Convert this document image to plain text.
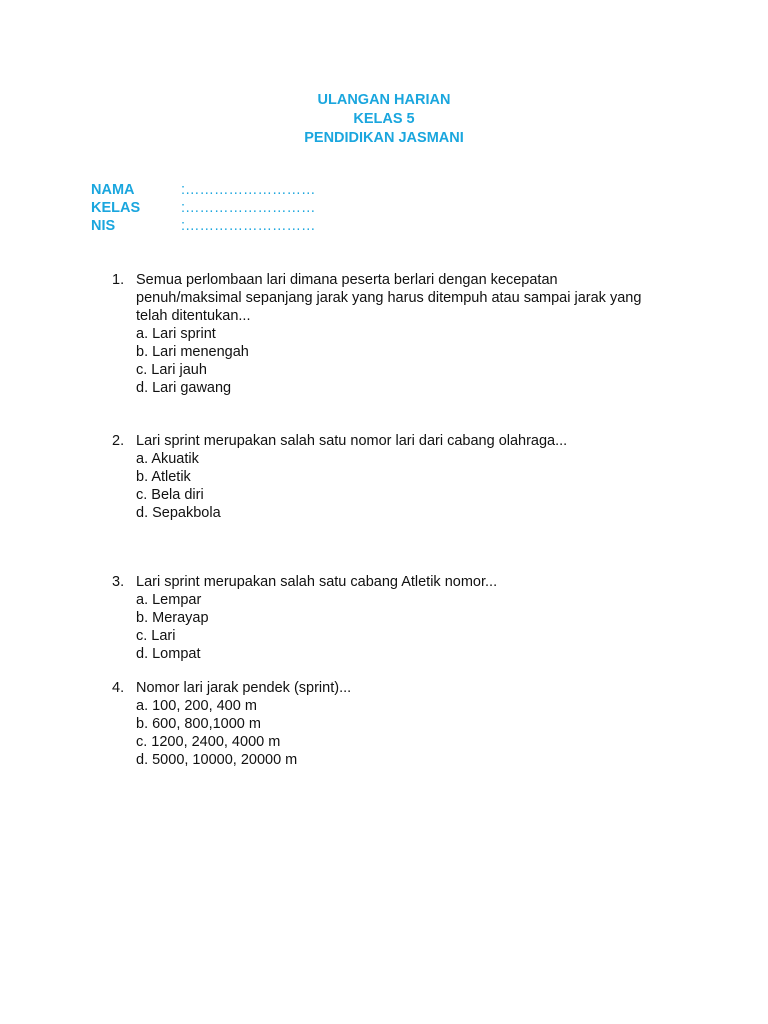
ULANGAN HARIAN
KELAS 5
PENDIDIKAN JASMANI
NAMA	:………………………
KELAS	:………………………
NIS	:………………………
1. Semua perlombaan lari dimana peserta berlari dengan kecepatan
penuh/maksimal sepanjang jarak yang harus ditempuh atau sampai jarak yang
telah ditentukan...
a. Lari sprint
b. Lari menengah
c. Lari jauh
d. Lari gawang
2. Lari sprint merupakan salah satu nomor lari dari cabang olahraga...
a. Akuatik
b. Atletik
c. Bela diri
d. Sepakbola
3. Lari sprint merupakan salah satu cabang Atletik nomor...
a. Lempar
b. Merayap
c. Lari
d. Lompat
4. Nomor lari jarak pendek (sprint)...
a. 100, 200, 400 m
b. 600, 800,1000 m
c. 1200, 2400, 4000 m
d. 5000, 10000, 20000 m
